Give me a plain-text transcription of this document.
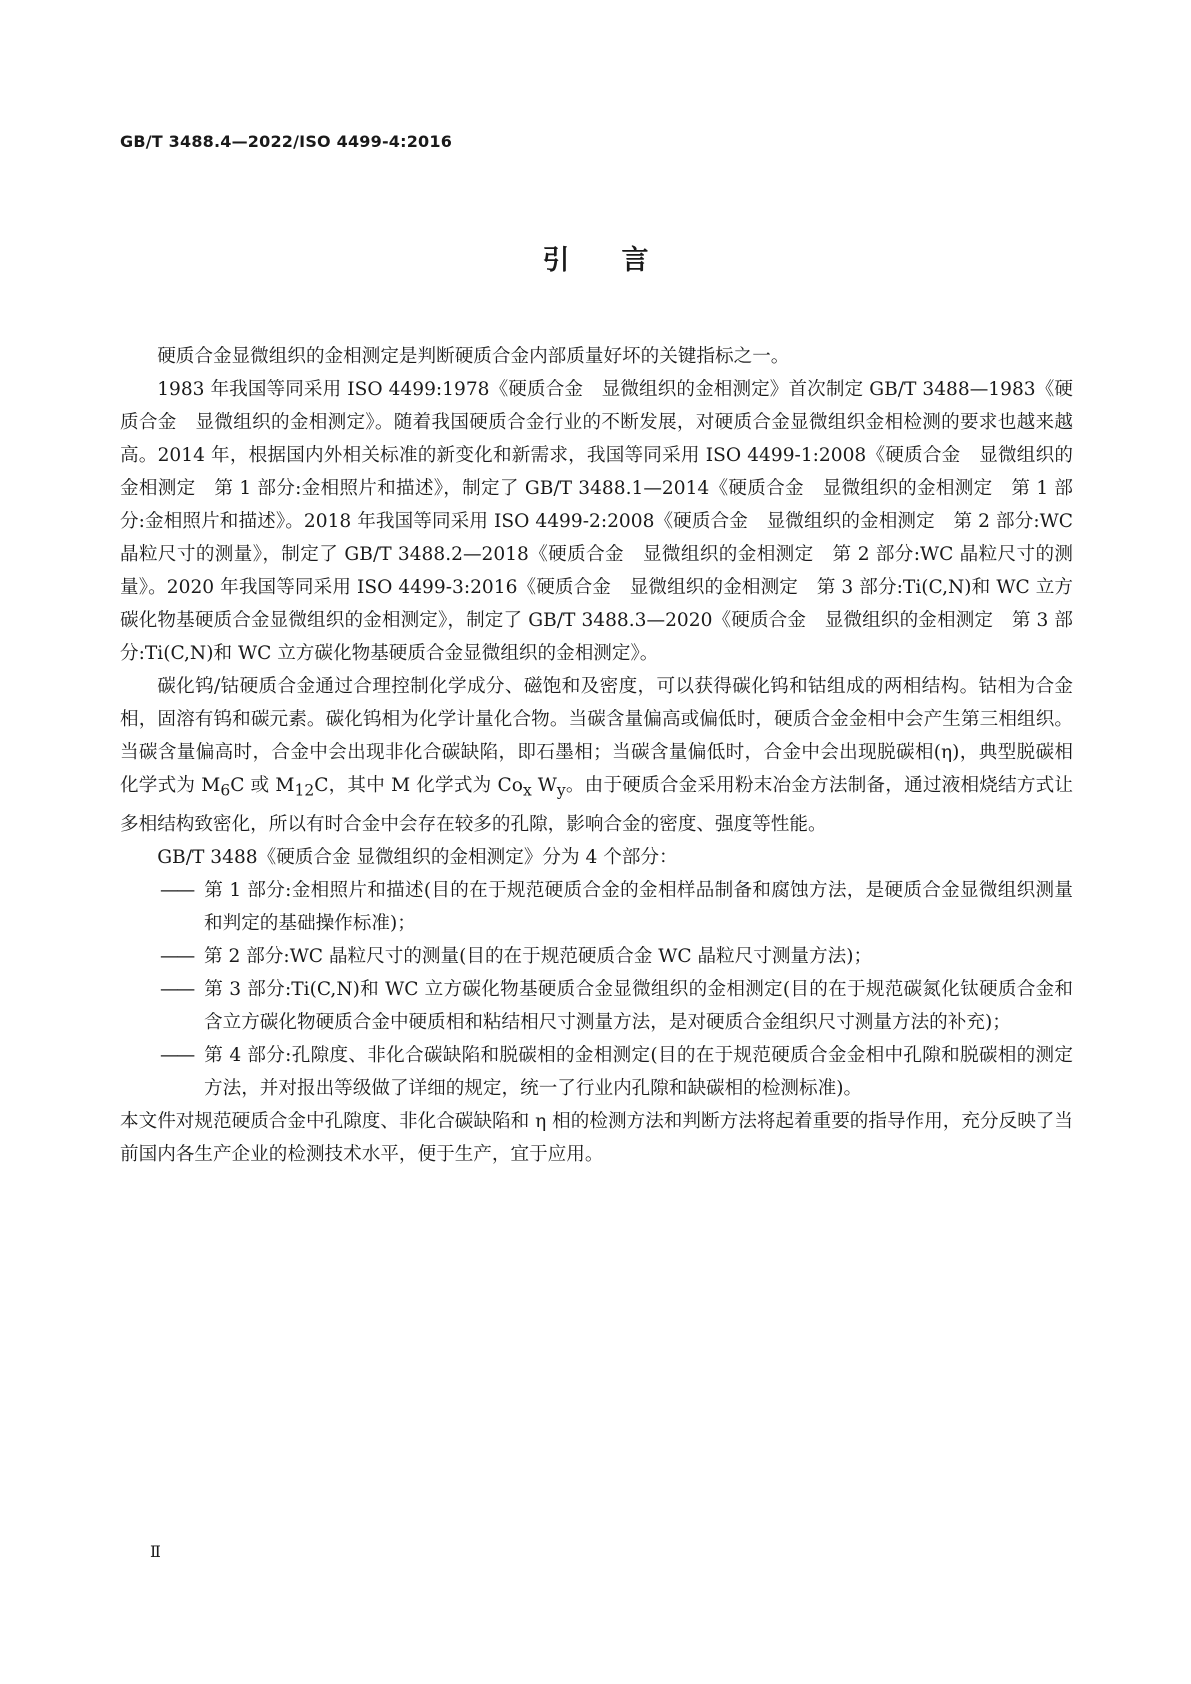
GB/T 3488.4—2022/ISO 4499-4:2016
引 言

硬质合金显微组织的金相测定是判断硬质合金内部质量好坏的关键指标之一。

1983 年我国等同采用 ISO 4499:1978《硬质合金　显微组织的金相测定》首次制定 GB/T 3488—1983《硬质合金　显微组织的金相测定》。随着我国硬质合金行业的不断发展，对硬质合金显微组织金相检测的要求也越来越高。2014 年，根据国内外相关标准的新变化和新需求，我国等同采用 ISO 4499-1:2008《硬质合金　显微组织的金相测定　第 1 部分:金相照片和描述》，制定了 GB/T 3488.1—2014《硬质合金　显微组织的金相测定　第 1 部分:金相照片和描述》。2018 年我国等同采用 ISO 4499-2:2008《硬质合金　显微组织的金相测定　第 2 部分:WC 晶粒尺寸的测量》，制定了 GB/T 3488.2—2018《硬质合金　显微组织的金相测定　第 2 部分:WC 晶粒尺寸的测量》。2020 年我国等同采用 ISO 4499-3:2016《硬质合金　显微组织的金相测定　第 3 部分:Ti(C,N)和 WC 立方碳化物基硬质合金显微组织的金相测定》，制定了 GB/T 3488.3—2020《硬质合金　显微组织的金相测定　第 3 部分:Ti(C,N)和 WC 立方碳化物基硬质合金显微组织的金相测定》。

碳化钨/钴硬质合金通过合理控制化学成分、磁饱和及密度，可以获得碳化钨和钴组成的两相结构。钴相为合金相，固溶有钨和碳元素。碳化钨相为化学计量化合物。当碳含量偏高或偏低时，硬质合金金相中会产生第三相组织。当碳含量偏高时，合金中会出现非化合碳缺陷，即石墨相；当碳含量偏低时，合金中会出现脱碳相(η)，典型脱碳相化学式为 $M_6C$ 或 $M_{12}C$，其中 M 化学式为 $Co_x$ $W_y$。由于硬质合金采用粉末冶金方法制备，通过液相烧结方式让多相结构致密化，所以有时合金中会存在较多的孔隙，影响合金的密度、强度等性能。

GB/T 3488《硬质合金 显微组织的金相测定》分为 4 个部分：

—— 第 1 部分:金相照片和描述(目的在于规范硬质合金的金相样品制备和腐蚀方法，是硬质合金显微组织测量和判定的基础操作标准)；
—— 第 2 部分:WC 晶粒尺寸的测量(目的在于规范硬质合金 WC 晶粒尺寸测量方法)；
—— 第 3 部分:Ti(C,N)和 WC 立方碳化物基硬质合金显微组织的金相测定(目的在于规范碳氮化钛硬质合金和含立方碳化物硬质合金中硬质相和粘结相尺寸测量方法，是对硬质合金组织尺寸测量方法的补充)；
—— 第 4 部分:孔隙度、非化合碳缺陷和脱碳相的金相测定(目的在于规范硬质合金金相中孔隙和脱碳相的测定方法，并对报出等级做了详细的规定，统一了行业内孔隙和缺碳相的检测标准)。

本文件对规范硬质合金中孔隙度、非化合碳缺陷和 η 相的检测方法和判断方法将起着重要的指导作用，充分反映了当前国内各生产企业的检测技术水平，便于生产，宜于应用。

Ⅱ
